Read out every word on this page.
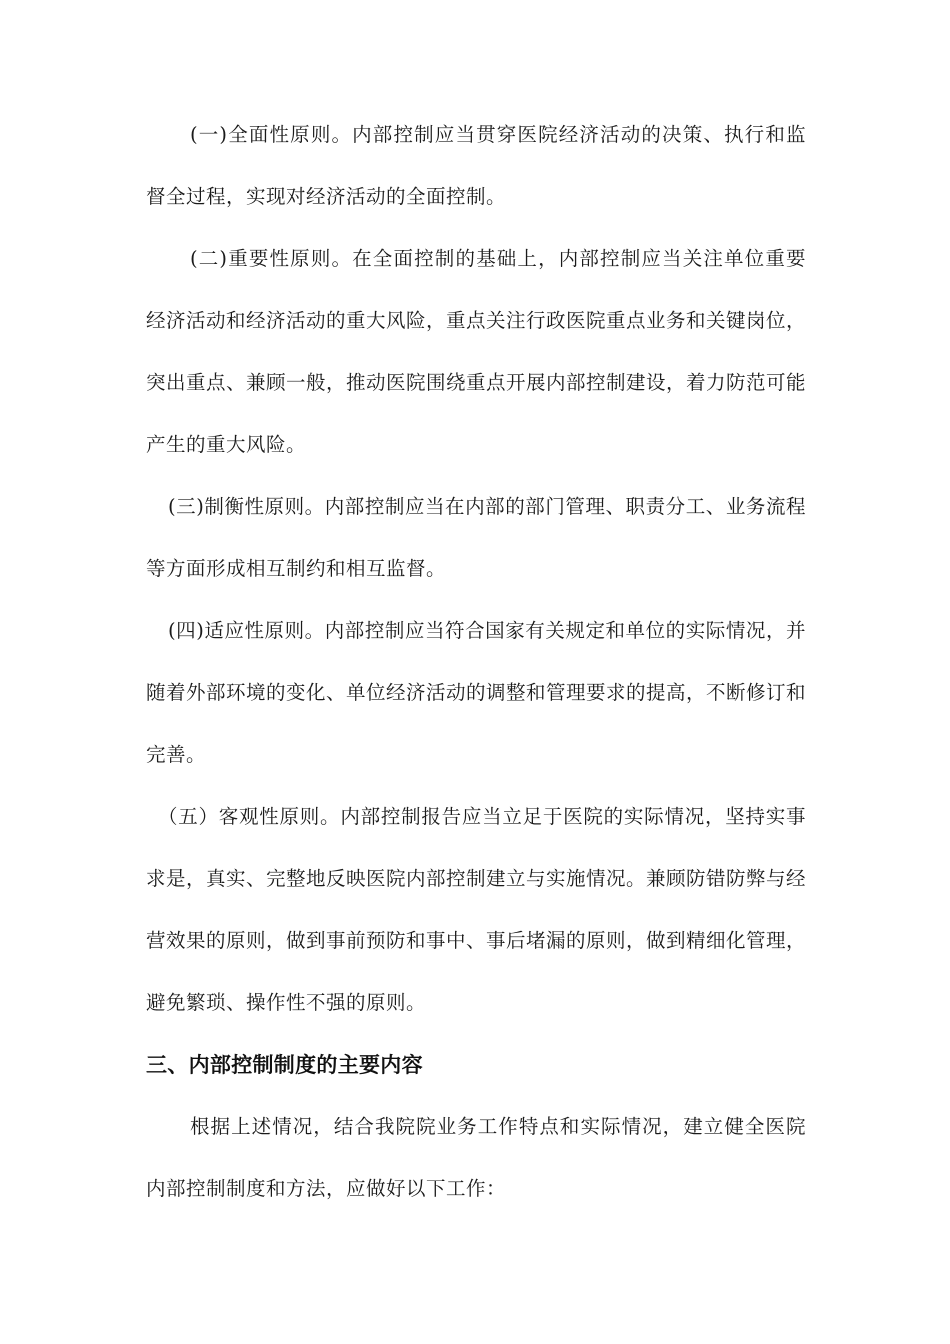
(一)全面性原则。内部控制应当贯穿医院经济活动的决策、执行和监督全过程，实现对经济活动的全面控制。

(二)重要性原则。在全面控制的基础上，内部控制应当关注单位重要经济活动和经济活动的重大风险，重点关注行政医院重点业务和关键岗位，突出重点、兼顾一般，推动医院围绕重点开展内部控制建设，着力防范可能产生的重大风险。

(三)制衡性原则。内部控制应当在内部的部门管理、职责分工、业务流程等方面形成相互制约和相互监督。

(四)适应性原则。内部控制应当符合国家有关规定和单位的实际情况，并随着外部环境的变化、单位经济活动的调整和管理要求的提高，不断修订和完善。

（五）客观性原则。内部控制报告应当立足于医院的实际情况，坚持实事求是，真实、完整地反映医院内部控制建立与实施情况。兼顾防错防弊与经营效果的原则，做到事前预防和事中、事后堵漏的原则，做到精细化管理，避免繁琐、操作性不强的原则。

三、内部控制制度的主要内容

根据上述情况，结合我院院业务工作特点和实际情况，建立健全医院内部控制制度和方法，应做好以下工作：
